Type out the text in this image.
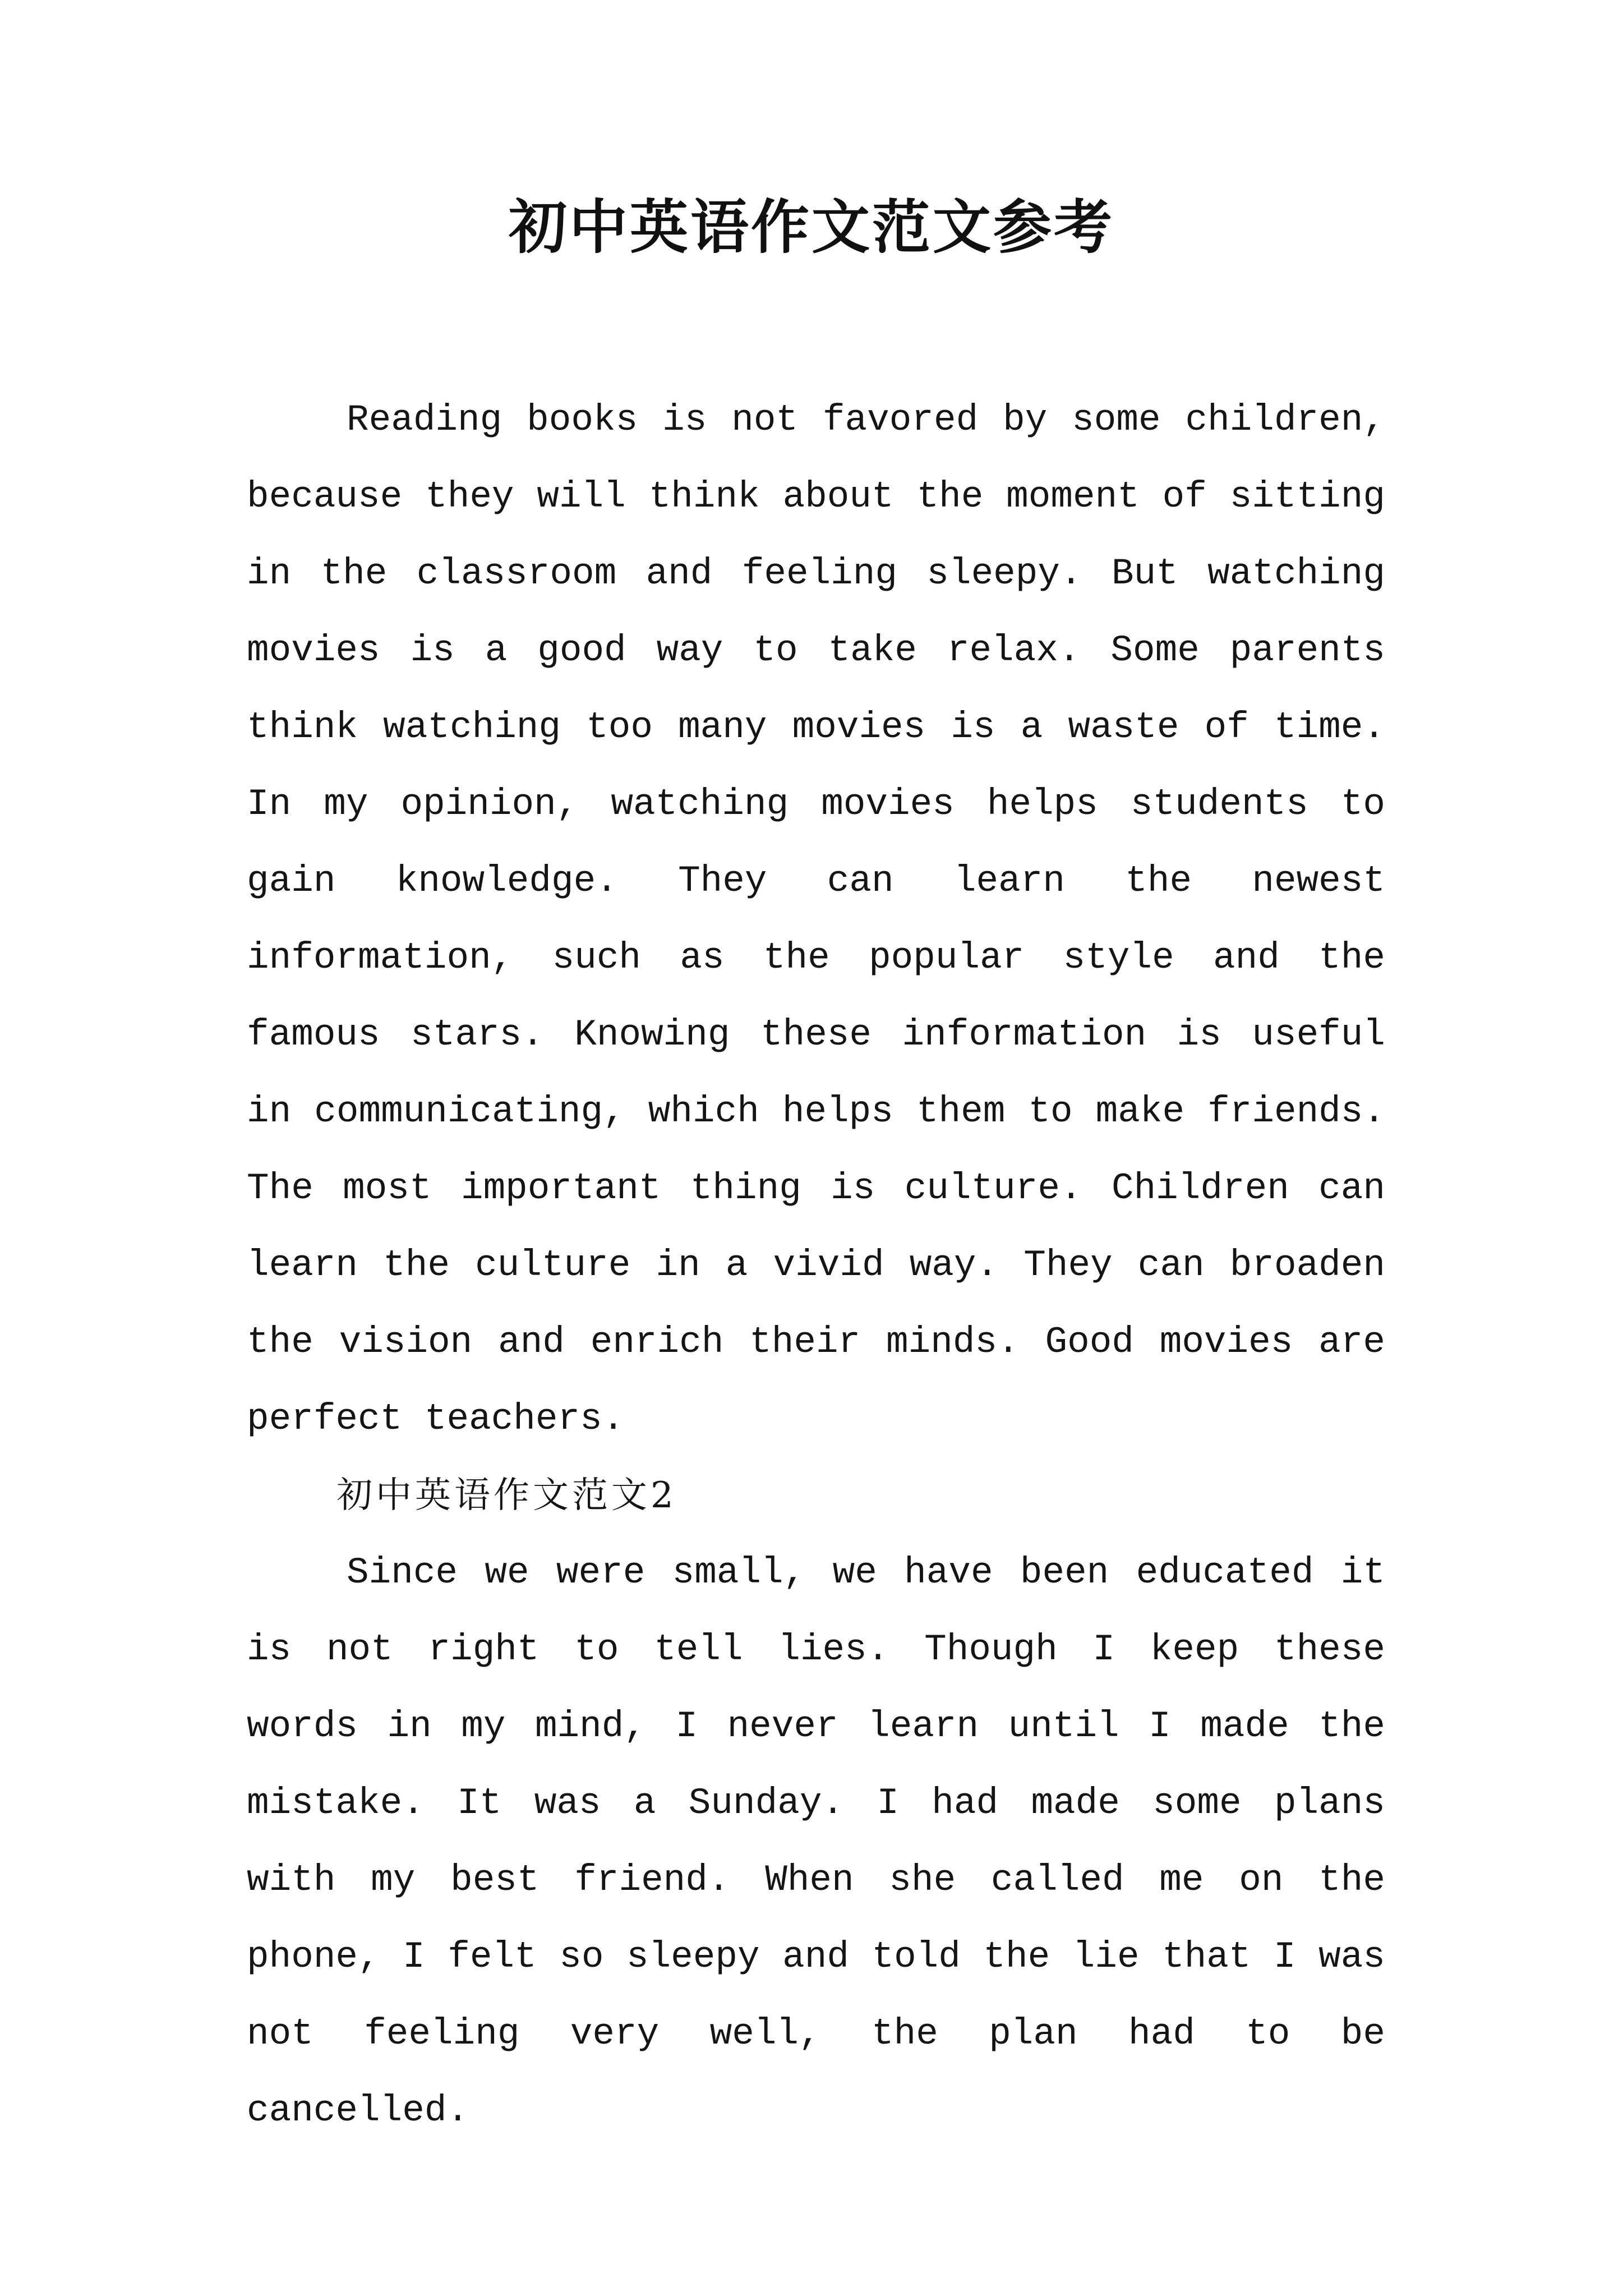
初中英语作文范文参考

Reading books is not favored by some children, because they will think about the moment of sitting in the classroom and feeling sleepy. But watching movies is a good way to take relax. Some parents think watching too many movies is a waste of time. In my opinion, watching movies helps students to gain knowledge. They can learn the newest information, such as the popular style and the famous stars. Knowing these information is useful in communicating, which helps them to make friends. The most important thing is culture. Children can learn the culture in a vivid way. They can broaden the vision and enrich their minds. Good movies are perfect teachers.

初中英语作文范文2

Since we were small, we have been educated it is not right to tell lies. Though I keep these words in my mind, I never learn until I made the mistake. It was a Sunday. I had made some plans with my best friend. When she called me on the phone, I felt so sleepy and told the lie that I was not feeling very well, the plan had to be cancelled.
